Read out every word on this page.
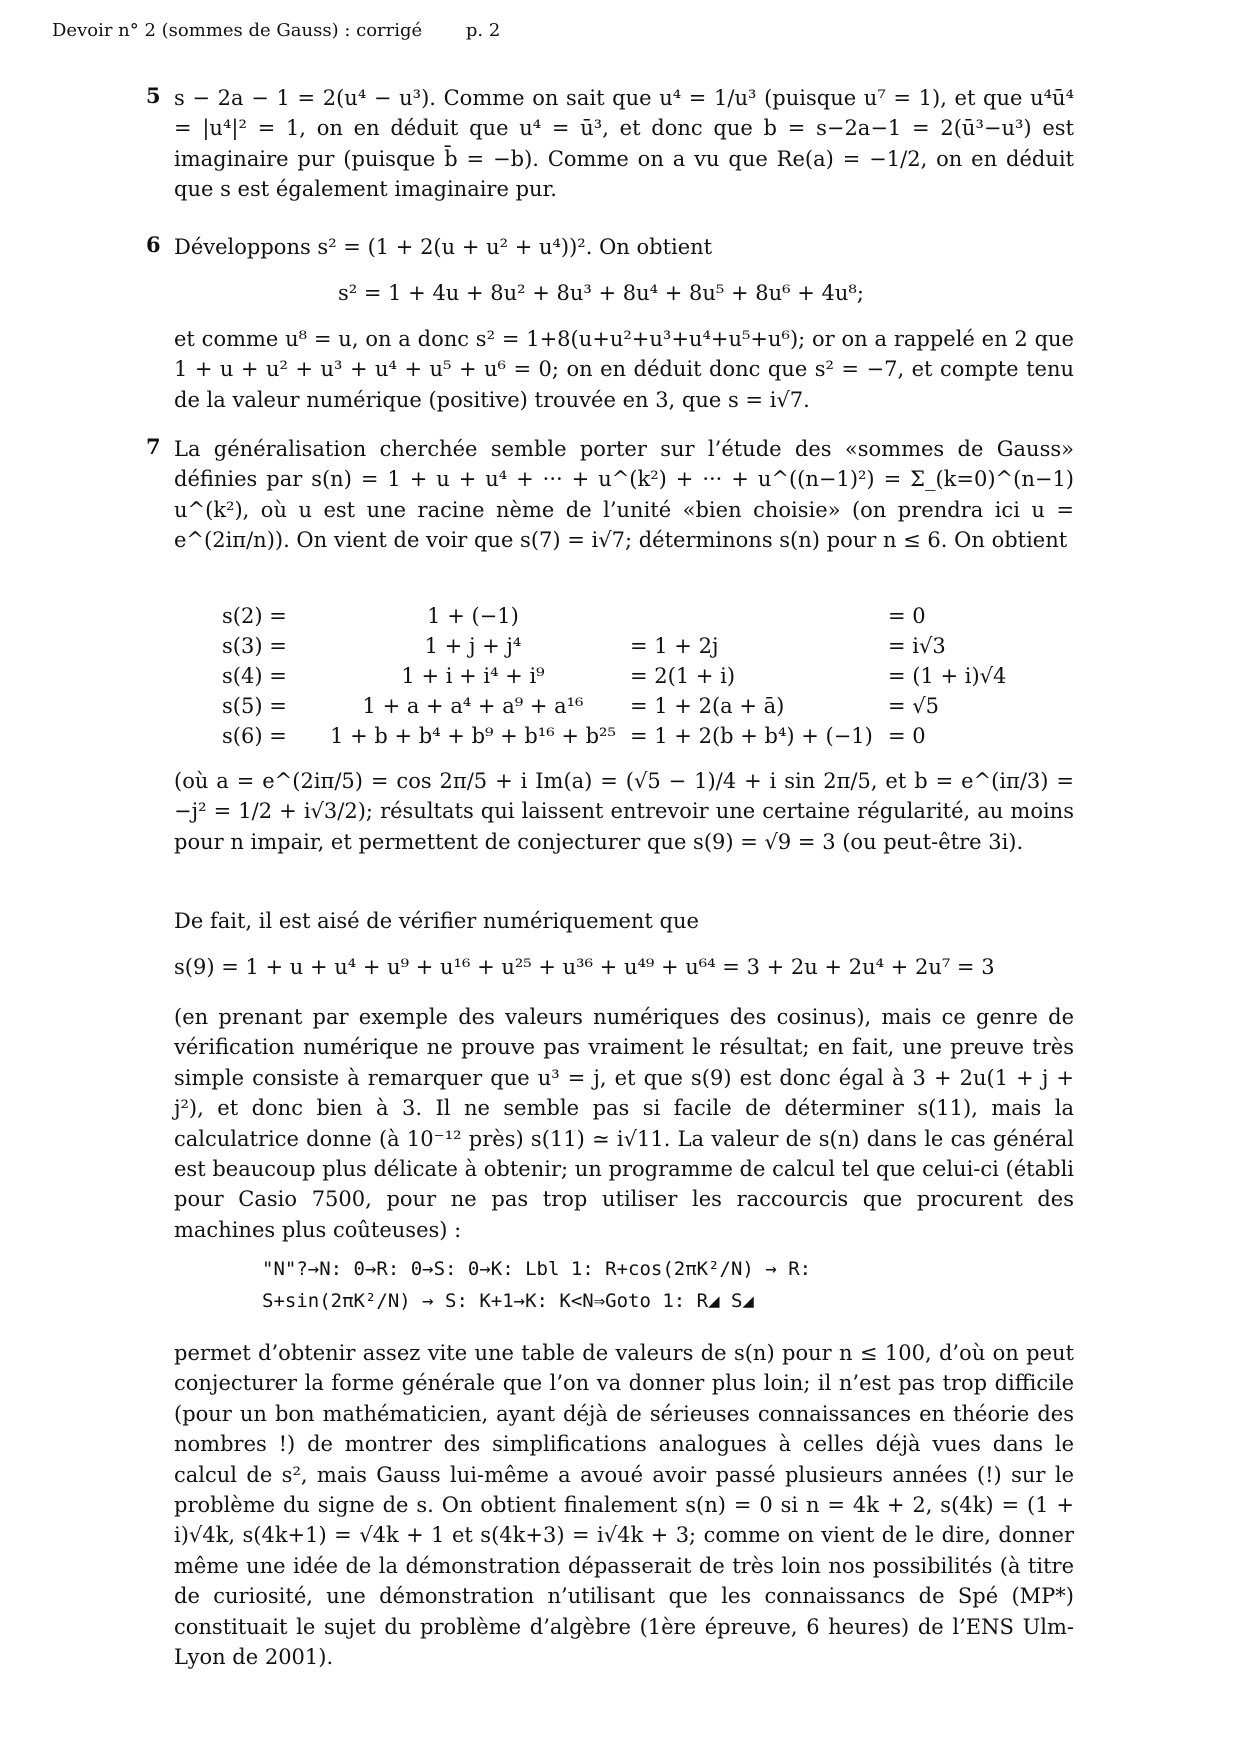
Devoir n° 2 (sommes de Gauss) : corrigé p. 2
5 s − 2a − 1 = 2(u⁴ − u³). Comme on sait que u⁴ = 1/u³ (puisque u⁷ = 1), et que u⁴ū⁴ = |u⁴|² = 1, on en déduit que u⁴ = ū³, et donc que b = s−2a−1 = 2(ū³−u³) est imaginaire pur (puisque b̄ = −b). Comme on a vu que Re(a) = −1/2, on en déduit que s est également imaginaire pur.
6 Développons s² = (1 + 2(u + u² + u⁴))². On obtient
s² = 1 + 4u + 8u² + 8u³ + 8u⁴ + 8u⁵ + 8u⁶ + 4u⁸;
et comme u⁸ = u, on a donc s² = 1+8(u+u²+u³+u⁴+u⁵+u⁶); or on a rappelé en 2 que 1 + u + u² + u³ + u⁴ + u⁵ + u⁶ = 0; on en déduit donc que s² = −7, et compte tenu de la valeur numérique (positive) trouvée en 3, que s = i√7.
7 La généralisation cherchée semble porter sur l’étude des «sommes de Gauss» définies par s(n) = 1 + u + u⁴ + ··· + u^(k²) + ··· + u^((n−1)²) = Σ_(k=0)^(n−1) u^(k²), où u est une racine nème de l’unité «bien choisie» (on prendra ici u = e^(2iπ/n)). On vient de voir que s(7) = i√7; déterminons s(n) pour n ≤ 6. On obtient
s(2) =	1 + (−1)		= 0
s(3) =	1 + j + j⁴	= 1 + 2j	= i√3
s(4) =	1 + i + i⁴ + i⁹	= 2(1 + i)	= (1 + i)√4
s(5) =	1 + a + a⁴ + a⁹ + a¹⁶	= 1 + 2(a + ā)	= √5
s(6) =	1 + b + b⁴ + b⁹ + b¹⁶ + b²⁵	= 1 + 2(b + b⁴) + (−1)	= 0
(où a = e^(2iπ/5) = cos 2π/5 + i Im(a) = (√5 − 1)/4 + i sin 2π/5, et b = e^(iπ/3) = −j² = 1/2 + i√3/2); résultats qui laissent entrevoir une certaine régularité, au moins pour n impair, et permettent de conjecturer que s(9) = √9 = 3 (ou peut-être 3i).
De fait, il est aisé de vérifier numériquement que
s(9) = 1 + u + u⁴ + u⁹ + u¹⁶ + u²⁵ + u³⁶ + u⁴⁹ + u⁶⁴ = 3 + 2u + 2u⁴ + 2u⁷ = 3
(en prenant par exemple des valeurs numériques des cosinus), mais ce genre de vérification numérique ne prouve pas vraiment le résultat; en fait, une preuve très simple consiste à remarquer que u³ = j, et que s(9) est donc égal à 3 + 2u(1 + j + j²), et donc bien à 3. Il ne semble pas si facile de déterminer s(11), mais la calculatrice donne (à 10⁻¹² près) s(11) ≃ i√11. La valeur de s(n) dans le cas général est beaucoup plus délicate à obtenir; un programme de calcul tel que celui-ci (établi pour Casio 7500, pour ne pas trop utiliser les raccourcis que procurent des machines plus coûteuses) :
"N"?→N: 0→R: 0→S: 0→K: Lbl 1: R+cos(2πK²/N) → R:
S+sin(2πK²/N) → S: K+1→K: K<N⇒Goto 1: R◢ S◢
permet d’obtenir assez vite une table de valeurs de s(n) pour n ≤ 100, d’où on peut conjecturer la forme générale que l’on va donner plus loin; il n’est pas trop difficile (pour un bon mathématicien, ayant déjà de sérieuses connaissances en théorie des nombres !) de montrer des simplifications analogues à celles déjà vues dans le calcul de s², mais Gauss lui-même a avoué avoir passé plusieurs années (!) sur le problème du signe de s. On obtient finalement s(n) = 0 si n = 4k + 2, s(4k) = (1 + i)√4k, s(4k+1) = √4k + 1 et s(4k+3) = i√4k + 3; comme on vient de le dire, donner même une idée de la démonstration dépasserait de très loin nos possibilités (à titre de curiosité, une démonstration n’utilisant que les connaissancs de Spé (MP*) constituait le sujet du problème d’algèbre (1ère épreuve, 6 heures) de l’ENS Ulm-Lyon de 2001).
